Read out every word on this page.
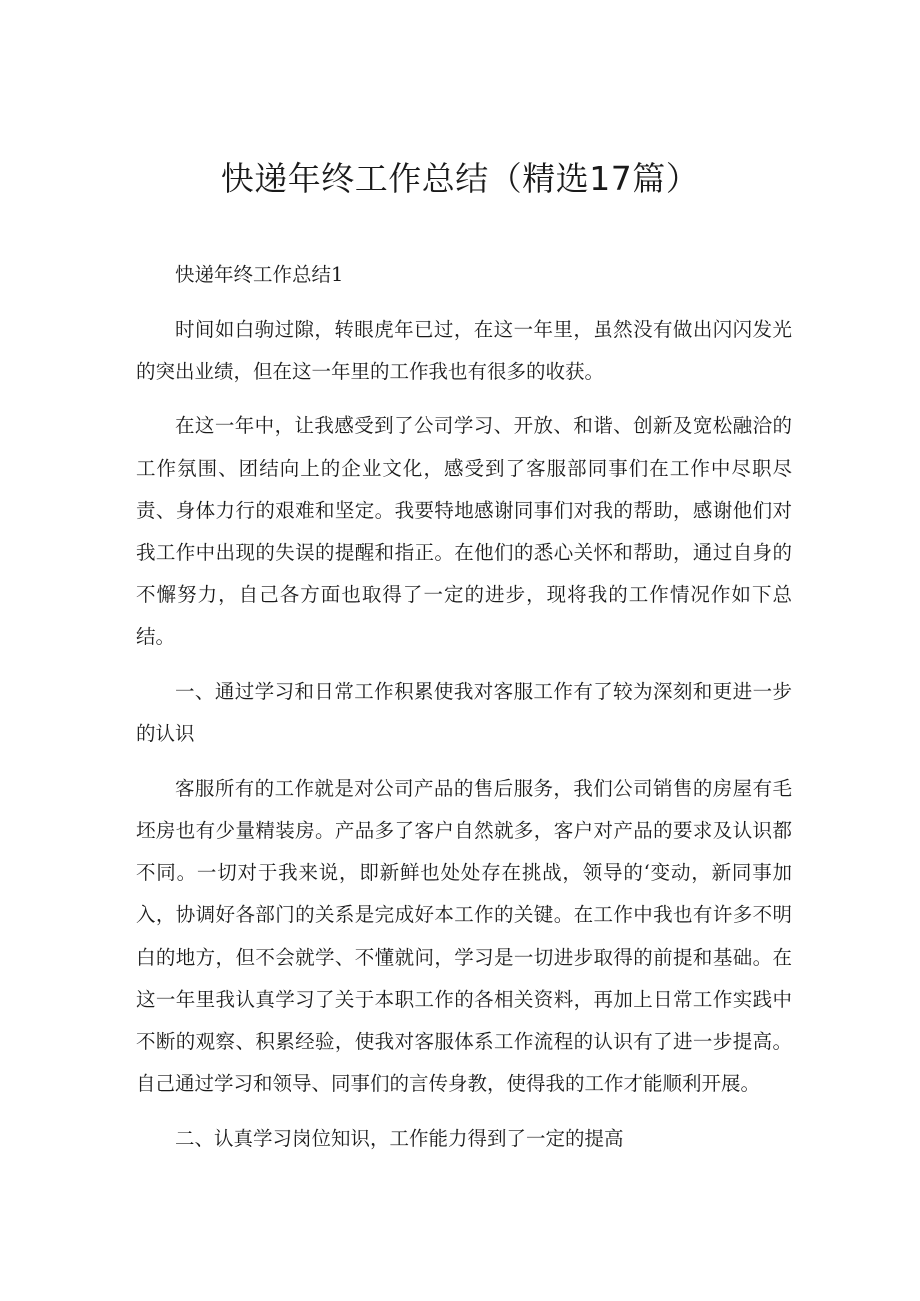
快递年终工作总结（精选17篇）

快递年终工作总结1

时间如白驹过隙，转眼虎年已过，在这一年里，虽然没有做出闪闪发光的突出业绩，但在这一年里的工作我也有很多的收获。

在这一年中，让我感受到了公司学习、开放、和谐、创新及宽松融洽的工作氛围、团结向上的企业文化，感受到了客服部同事们在工作中尽职尽责、身体力行的艰难和坚定。我要特地感谢同事们对我的帮助，感谢他们对我工作中出现的失误的提醒和指正。在他们的悉心关怀和帮助，通过自身的不懈努力，自己各方面也取得了一定的进步，现将我的工作情况作如下总结。

一、通过学习和日常工作积累使我对客服工作有了较为深刻和更进一步的认识

客服所有的工作就是对公司产品的售后服务，我们公司销售的房屋有毛坯房也有少量精装房。产品多了客户自然就多，客户对产品的要求及认识都不同。一切对于我来说，即新鲜也处处存在挑战，领导的‘变动，新同事加入，协调好各部门的关系是完成好本工作的关键。在工作中我也有许多不明白的地方，但不会就学、不懂就问，学习是一切进步取得的前提和基础。在这一年里我认真学习了关于本职工作的各相关资料，再加上日常工作实践中不断的观察、积累经验，使我对客服体系工作流程的认识有了进一步提高。自己通过学习和领导、同事们的言传身教，使得我的工作才能顺利开展。

二、认真学习岗位知识，工作能力得到了一定的提高
